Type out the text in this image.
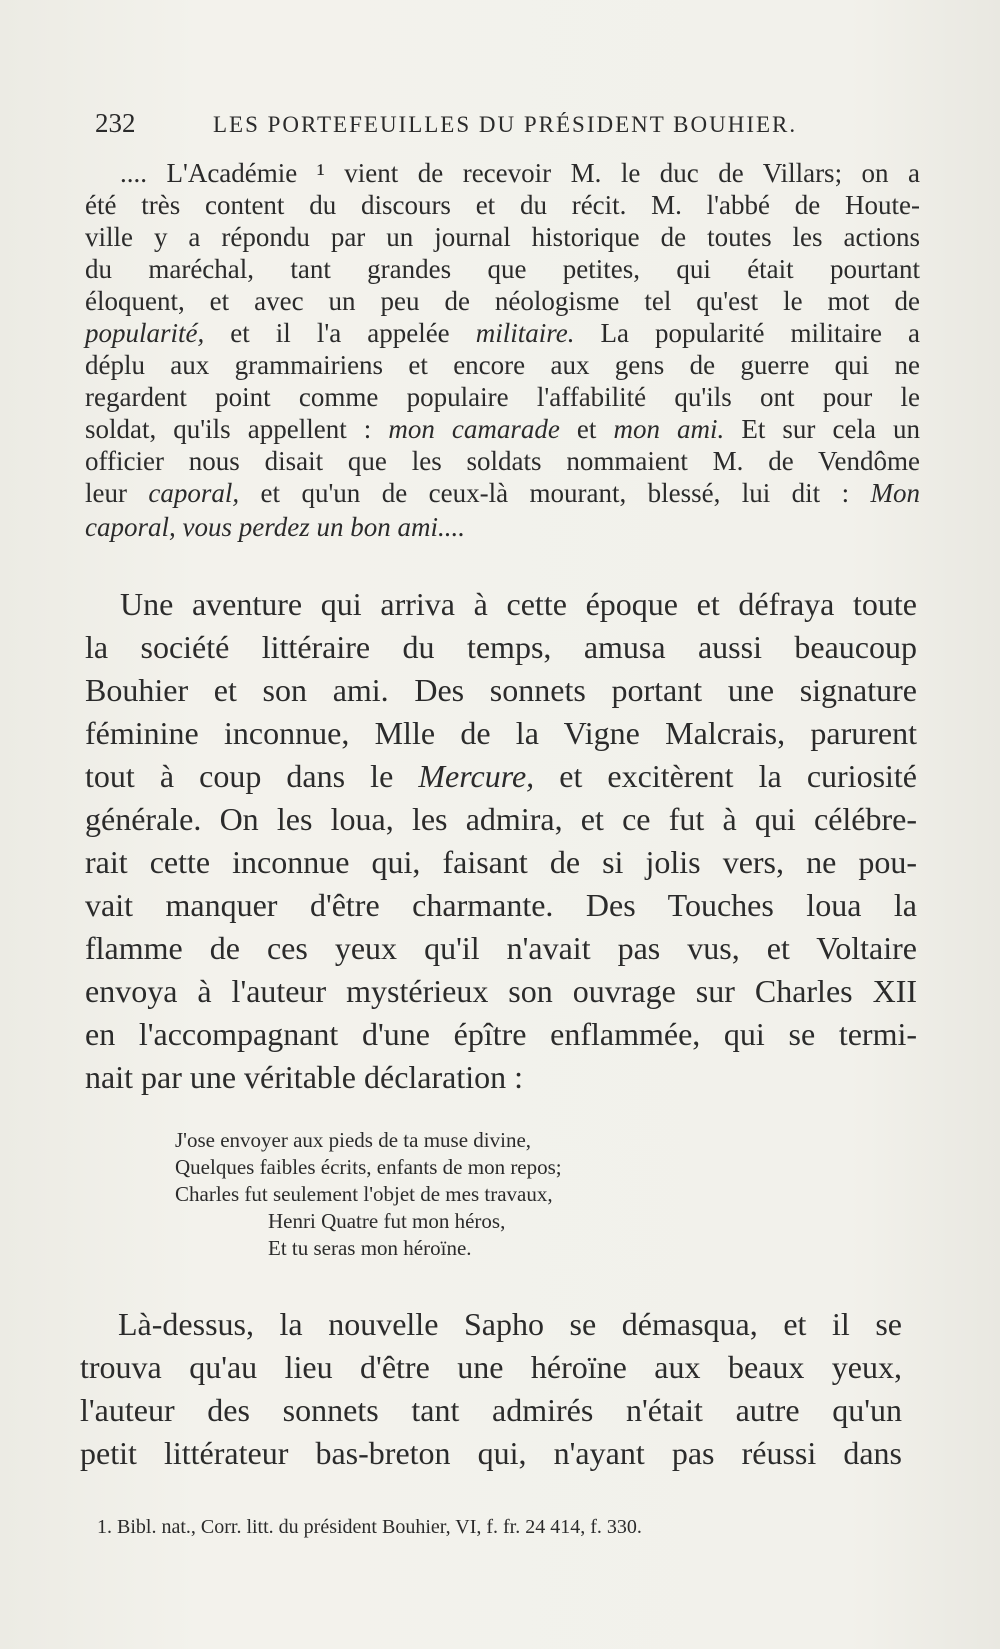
232	LES PORTEFEUILLES DU PRÉSIDENT BOUHIER.
.... L'Académie ¹ vient de recevoir M. le duc de Villars; on a
été très content du discours et du récit. M. l'abbé de Houte-
ville y a répondu par un journal historique de toutes les actions
du maréchal, tant grandes que petites, qui était pourtant
éloquent, et avec un peu de néologisme tel qu'est le mot de
popularité, et il l'a appelée militaire. La popularité militaire a
déplu aux grammairiens et encore aux gens de guerre qui ne
regardent point comme populaire l'affabilité qu'ils ont pour le
soldat, qu'ils appellent : mon camarade et mon ami. Et sur cela un
officier nous disait que les soldats nommaient M. de Vendôme
leur caporal, et qu'un de ceux-là mourant, blessé, lui dit : Mon
caporal, vous perdez un bon ami....
Une aventure qui arriva à cette époque et défraya toute
la société littéraire du temps, amusa aussi beaucoup
Bouhier et son ami. Des sonnets portant une signature
féminine inconnue, Mlle de la Vigne Malcrais, parurent
tout à coup dans le Mercure, et excitèrent la curiosité
générale. On les loua, les admira, et ce fut à qui célébre-
rait cette inconnue qui, faisant de si jolis vers, ne pou-
vait manquer d'être charmante. Des Touches loua la
flamme de ces yeux qu'il n'avait pas vus, et Voltaire
envoya à l'auteur mystérieux son ouvrage sur Charles XII
en l'accompagnant d'une épître enflammée, qui se termi-
nait par une véritable déclaration :
J'ose envoyer aux pieds de ta muse divine,
Quelques faibles écrits, enfants de mon repos;
Charles fut seulement l'objet de mes travaux,
Henri Quatre fut mon héros,
Et tu seras mon héroïne.
Là-dessus, la nouvelle Sapho se démasqua, et il se
trouva qu'au lieu d'être une héroïne aux beaux yeux,
l'auteur des sonnets tant admirés n'était autre qu'un
petit littérateur bas-breton qui, n'ayant pas réussi dans
1. Bibl. nat., Corr. litt. du président Bouhier, VI, f. fr. 24 414, f. 330.
